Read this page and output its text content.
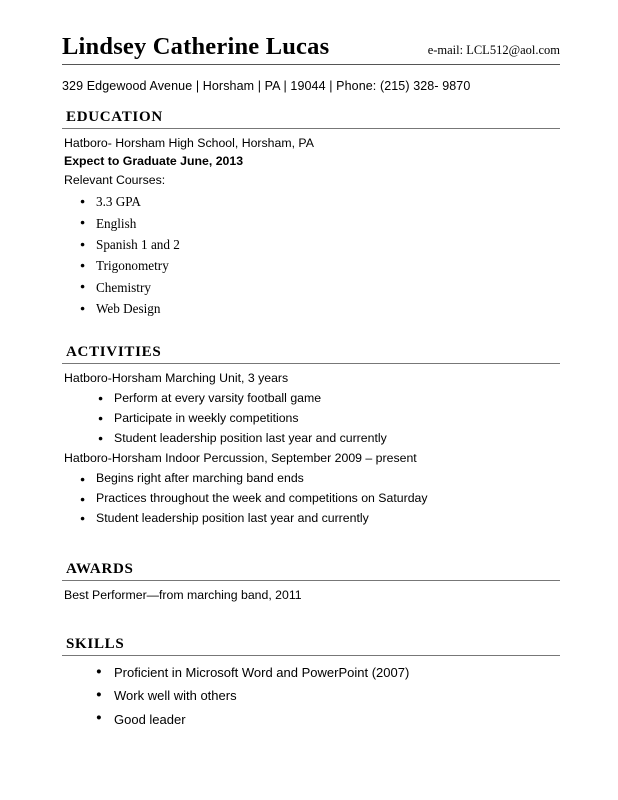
Lindsey Catherine Lucas	e-mail: LCL512@aol.com
329 Edgewood Avenue | Horsham | PA | 19044 | Phone: (215) 328- 9870
EDUCATION
Hatboro- Horsham High School, Horsham, PA
Expect to Graduate June, 2013
Relevant Courses:
● 3.3 GPA
● English
● Spanish 1 and 2
● Trigonometry
● Chemistry
● Web Design
ACTIVITIES
Hatboro-Horsham Marching Unit, 3 years
● Perform at every varsity football game
● Participate in weekly competitions
● Student leadership position last year and currently
Hatboro-Horsham Indoor Percussion, September 2009 – present
● Begins right after marching band ends
● Practices throughout the week and competitions on Saturday
● Student leadership position last year and currently
AWARDS
Best Performer—from marching band, 2011
SKILLS
● Proficient in Microsoft Word and PowerPoint (2007)
● Work well with others
● Good leader
